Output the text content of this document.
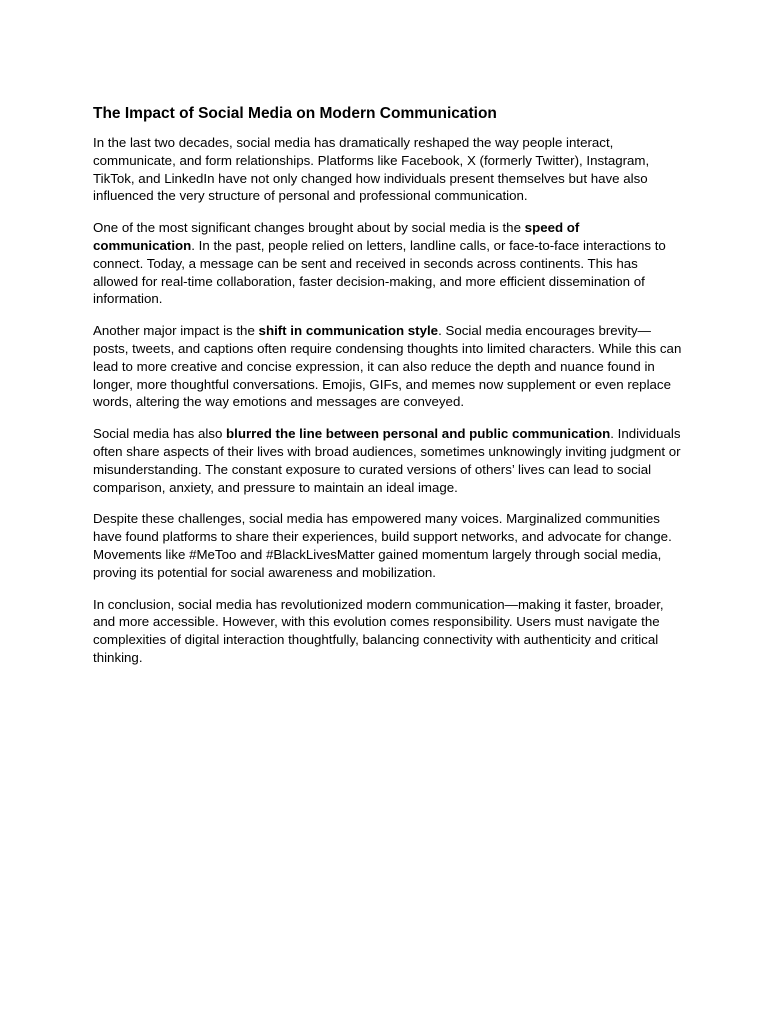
The Impact of Social Media on Modern Communication

In the last two decades, social media has dramatically reshaped the way people interact, communicate, and form relationships. Platforms like Facebook, X (formerly Twitter), Instagram, TikTok, and LinkedIn have not only changed how individuals present themselves but have also influenced the very structure of personal and professional communication.

One of the most significant changes brought about by social media is the speed of communication. In the past, people relied on letters, landline calls, or face-to-face interactions to connect. Today, a message can be sent and received in seconds across continents. This has allowed for real-time collaboration, faster decision-making, and more efficient dissemination of information.

Another major impact is the shift in communication style. Social media encourages brevity—posts, tweets, and captions often require condensing thoughts into limited characters. While this can lead to more creative and concise expression, it can also reduce the depth and nuance found in longer, more thoughtful conversations. Emojis, GIFs, and memes now supplement or even replace words, altering the way emotions and messages are conveyed.

Social media has also blurred the line between personal and public communication. Individuals often share aspects of their lives with broad audiences, sometimes unknowingly inviting judgment or misunderstanding. The constant exposure to curated versions of others’ lives can lead to social comparison, anxiety, and pressure to maintain an ideal image.

Despite these challenges, social media has empowered many voices. Marginalized communities have found platforms to share their experiences, build support networks, and advocate for change. Movements like #MeToo and #BlackLivesMatter gained momentum largely through social media, proving its potential for social awareness and mobilization.

In conclusion, social media has revolutionized modern communication—making it faster, broader, and more accessible. However, with this evolution comes responsibility. Users must navigate the complexities of digital interaction thoughtfully, balancing connectivity with authenticity and critical thinking.
